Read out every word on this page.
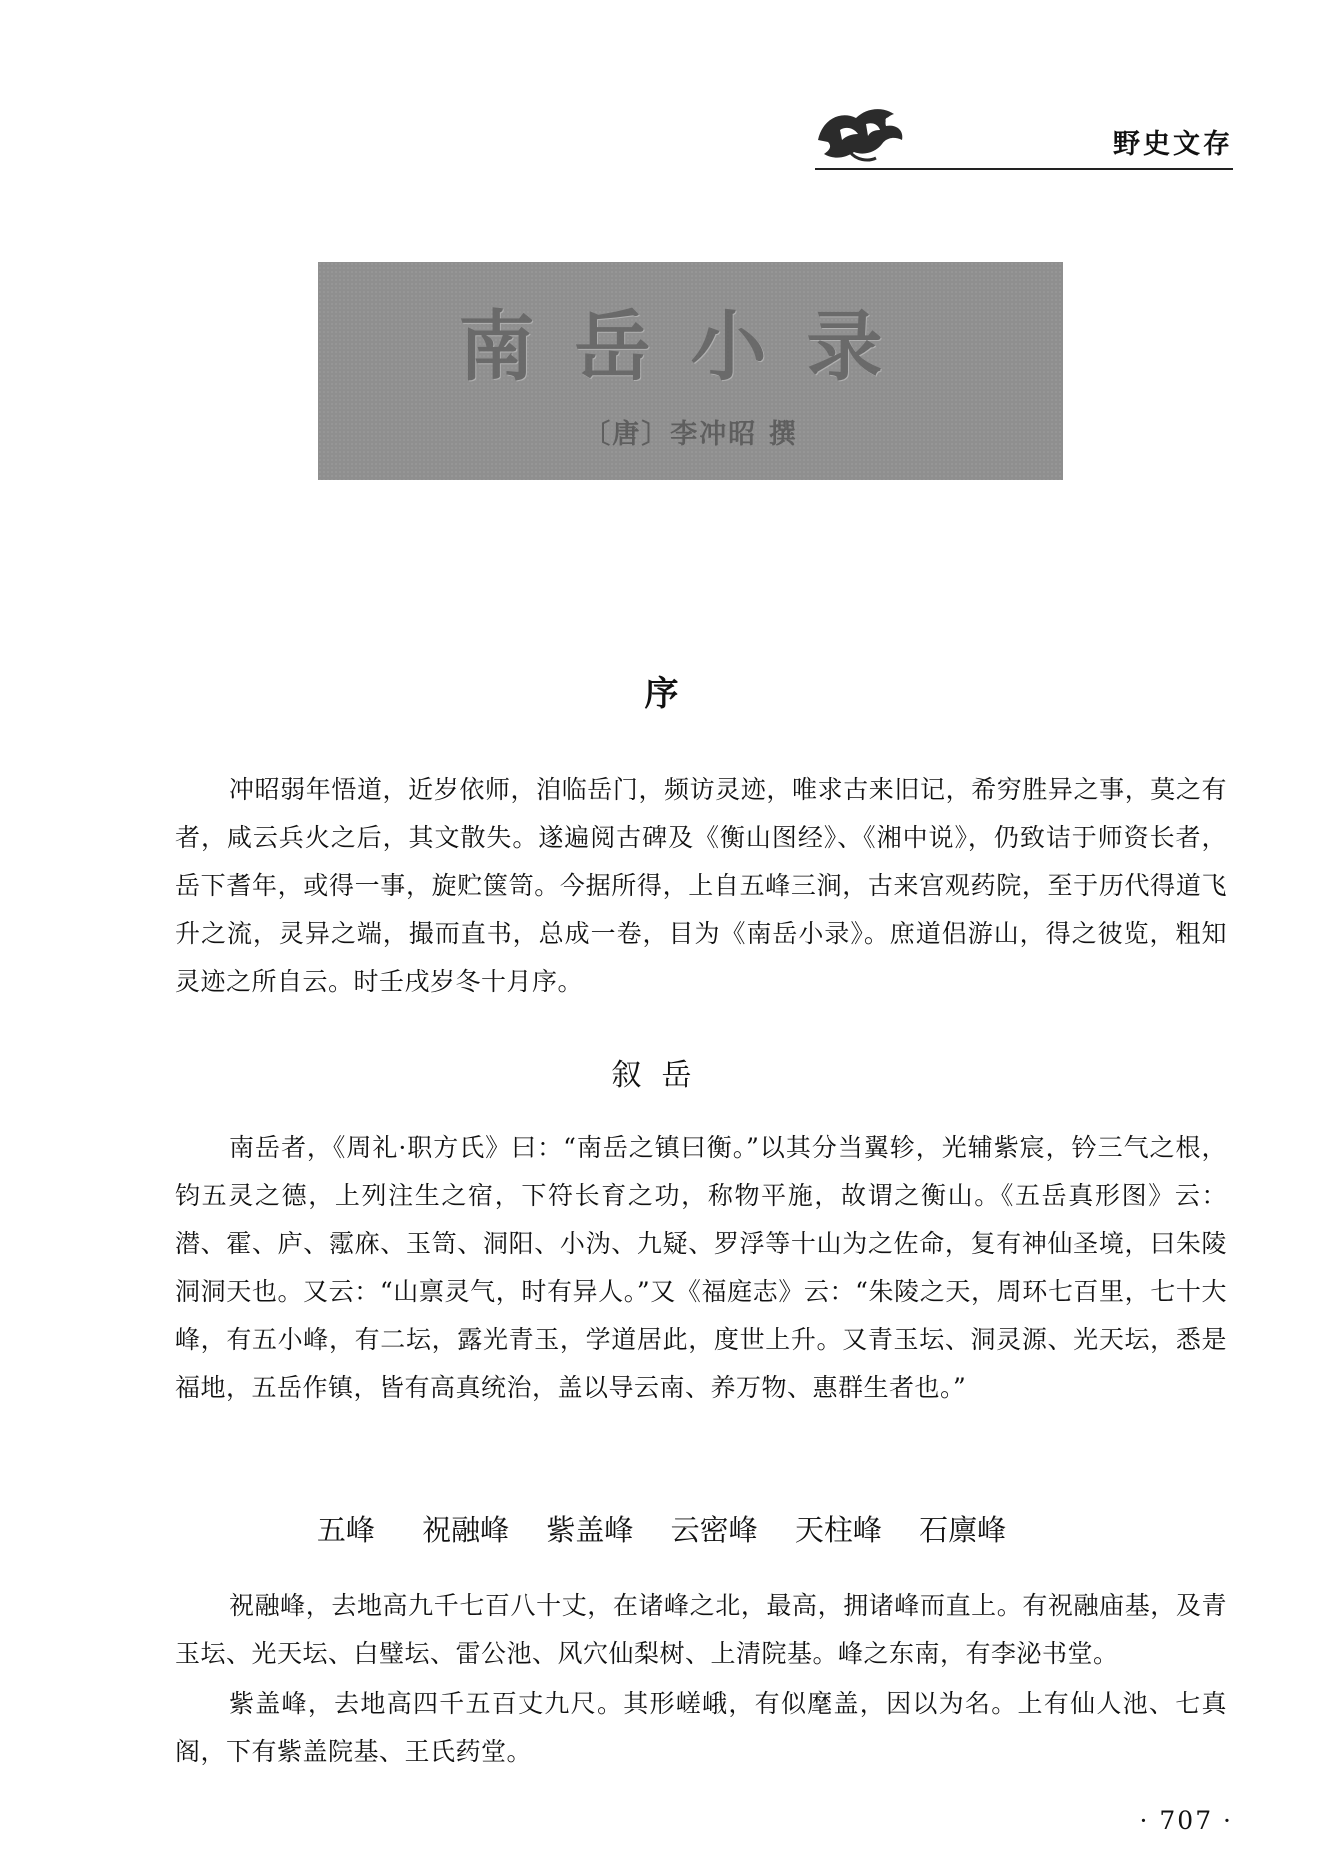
野史文存
南岳小录
〔唐〕李冲昭 撰
序

冲昭弱年悟道，近岁依师，洎临岳门，频访灵迹，唯求古来旧记，希穷胜异之事，莫之有者，咸云兵火之后，其文散失。遂遍阅古碑及《衡山图经》、《湘中说》，仍致诘于师资长者，岳下耆年，或得一事，旋贮箧笥。今据所得，上自五峰三涧，古来宫观药院，至于历代得道飞升之流，灵异之端，撮而直书，总成一卷，目为《南岳小录》。庶道侣游山，得之彼览，粗知灵迹之所自云。时壬戌岁冬十月序。

叙岳

南岳者，《周礼·职方氏》曰：“南岳之镇曰衡。”以其分当翼轸，光辅紫宸，钤三气之根，钧五灵之德，上列注生之宿，下符长育之功，称物平施，故谓之衡山。《五岳真形图》云：潜、霍、庐、霐庥、玉笥、洞阳、小沩、九疑、罗浮等十山为之佐命，复有神仙圣境，曰朱陵洞洞天也。又云：“山禀灵气，时有异人。”又《福庭志》云：“朱陵之天，周环七百里，七十大峰，有五小峰，有二坛，露光青玉，学道居此，度世上升。又青玉坛、洞灵源、光天坛，悉是福地，五岳作镇，皆有高真统治，盖以导云南、养万物、惠群生者也。”

五峰 祝融峰 紫盖峰 云密峰 天柱峰 石廪峰

祝融峰，去地高九千七百八十丈，在诸峰之北，最高，拥诸峰而直上。有祝融庙基，及青玉坛、光天坛、白璧坛、雷公池、风穴仙梨树、上清院基。峰之东南，有李泌书堂。

紫盖峰，去地高四千五百丈九尺。其形嵯峨，有似麾盖，因以为名。上有仙人池、七真阁，下有紫盖院基、王氏药堂。

· 707 ·
